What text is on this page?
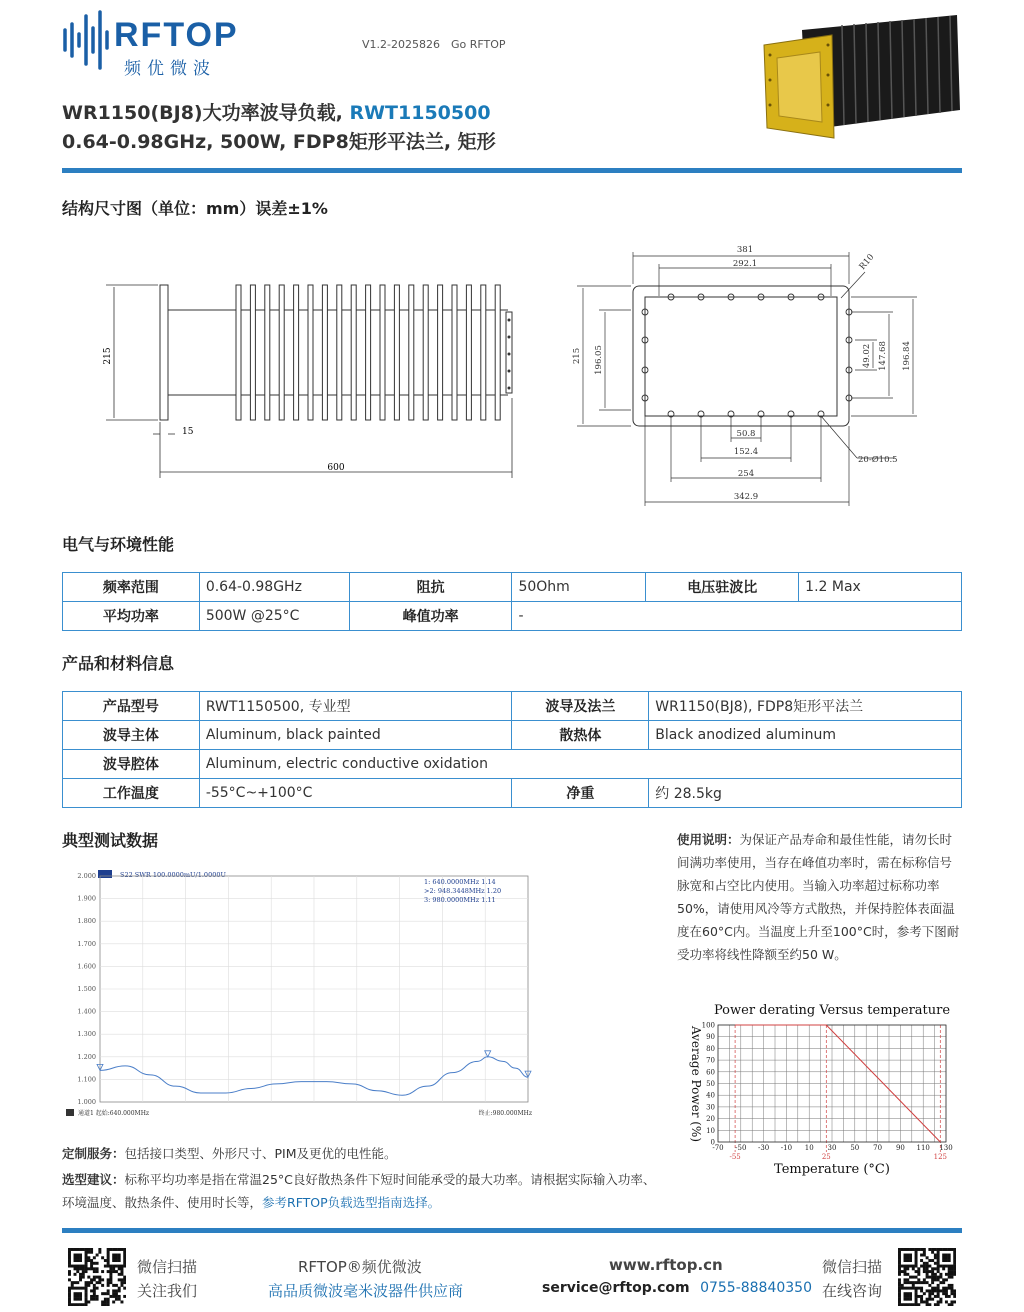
RFTOP
频优微波
V1.2-2025826 Go RFTOP
WR1150(BJ8)大功率波导负载, RWT1150500
0.64-0.98GHz, 500W, FDP8矩形平法兰, 矩形
结构尺寸图（单位：mm）误差±1%
215
15
600
381
292.1	R10
215 196.05	196.84
147.68
49.02
50.8
152.4
254
342.9
20-Ø10.5
电气与环境性能
频率范围	0.64-0.98GHz	阻抗	50Ohm	电压驻波比	1.2 Max
平均功率	500W @25°C	峰值功率	-		
产品和材料信息
产品型号	RWT1150500, 专业型	波导及法兰	WR1150(BJ8), FDP8矩形平法兰
波导主体	Aluminum, black painted	散热体	Black anodized aluminum
波导腔体	Aluminum, electric conductive oxidation		
工作温度	-55°C~+100°C	净重	约 28.5kg
典型测试数据
S22 SWR 100.0000mU/1.0000U
2.000
1.900
1.800
1.700
1.600
1.500
1.400
1.300
1.200
1.100
1.000
1: 640.0000MHz 1.14
>2: 948.3448MHz 1.20
3: 980.0000MHz 1.11
通道1 起始:640.000MHz	终止:980.000MHz
使用说明：为保证产品寿命和最佳性能，请勿长时间满功率使用，当存在峰值功率时，需在标称信号脉宽和占空比内使用。当输入功率超过标称功率50%，请使用风冷等方式散热，并保持腔体表面温度在60°C内。当温度上升至100°C时，参考下图耐受功率将线性降额至约50 W。
Power derating Versus temperature
Average Power (%)
Temperature (°C)
0
10
20
30
40
50
60
70
80
90
100
-70 -50 -30 -10 10 30 50 70 90 110 130
-55	25	125
定制服务：包括接口类型、外形尺寸、PIM及更优的电性能。
选型建议：标称平均功率是指在常温25°C良好散热条件下短时间能承受的最大功率。请根据实际输入功率、环境温度、散热条件、使用时长等，参考RFTOP负载选型指南选择。
微信扫描
关注我们
RFTOP®频优微波
高品质微波毫米波器件供应商
www.rftop.cn
service@rftop.com 0755-88840350
微信扫描
在线咨询
